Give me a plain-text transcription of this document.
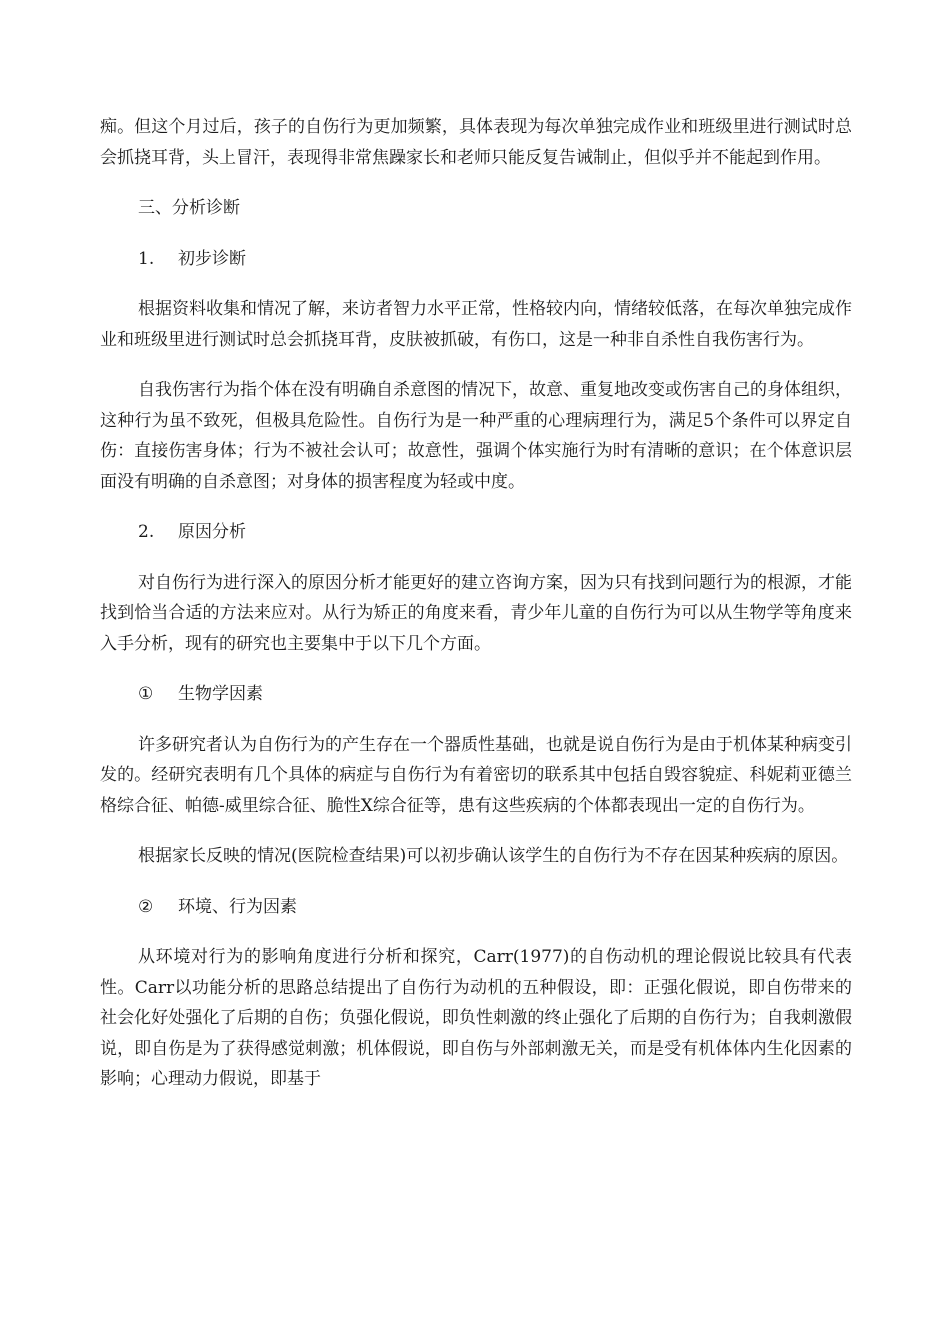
痴。但这个月过后，孩子的自伤行为更加频繁，具体表现为每次单独完成作业和班级里进行测试时总会抓挠耳背，头上冒汗，表现得非常焦躁家长和老师只能反复告诫制止，但似乎并不能起到作用。

三、分析诊断
1. 初步诊断

根据资料收集和情况了解，来访者智力水平正常，性格较内向，情绪较低落，在每次单独完成作业和班级里进行测试时总会抓挠耳背，皮肤被抓破，有伤口，这是一种非自杀性自我伤害行为。

自我伤害行为指个体在没有明确自杀意图的情况下，故意、重复地改变或伤害自己的身体组织，这种行为虽不致死，但极具危险性。自伤行为是一种严重的心理病理行为，满足5个条件可以界定自伤：直接伤害身体；行为不被社会认可；故意性，强调个体实施行为时有清晰的意识；在个体意识层面没有明确的自杀意图；对身体的损害程度为轻或中度。

2. 原因分析

对自伤行为进行深入的原因分析才能更好的建立咨询方案，因为只有找到问题行为的根源，才能找到恰当合适的方法来应对。从行为矫正的角度来看，青少年儿童的自伤行为可以从生物学等角度来入手分析，现有的研究也主要集中于以下几个方面。

① 生物学因素

许多研究者认为自伤行为的产生存在一个器质性基础，也就是说自伤行为是由于机体某种病变引发的。经研究表明有几个具体的病症与自伤行为有着密切的联系其中包括自毁容貌症、科妮莉亚德兰格综合征、帕德-威里综合征、脆性X综合征等，患有这些疾病的个体都表现出一定的自伤行为。

根据家长反映的情况(医院检查结果)可以初步确认该学生的自伤行为不存在因某种疾病的原因。

② 环境、行为因素

从环境对行为的影响角度进行分析和探究，Carr(1977)的自伤动机的理论假说比较具有代表性。Carr以功能分析的思路总结提出了自伤行为动机的五种假设，即：正强化假说，即自伤带来的社会化好处强化了后期的自伤；负强化假说，即负性刺激的终止强化了后期的自伤行为；自我刺激假说，即自伤是为了获得感觉刺激；机体假说，即自伤与外部刺激无关，而是受有机体体内生化因素的影响；心理动力假说，即基于
